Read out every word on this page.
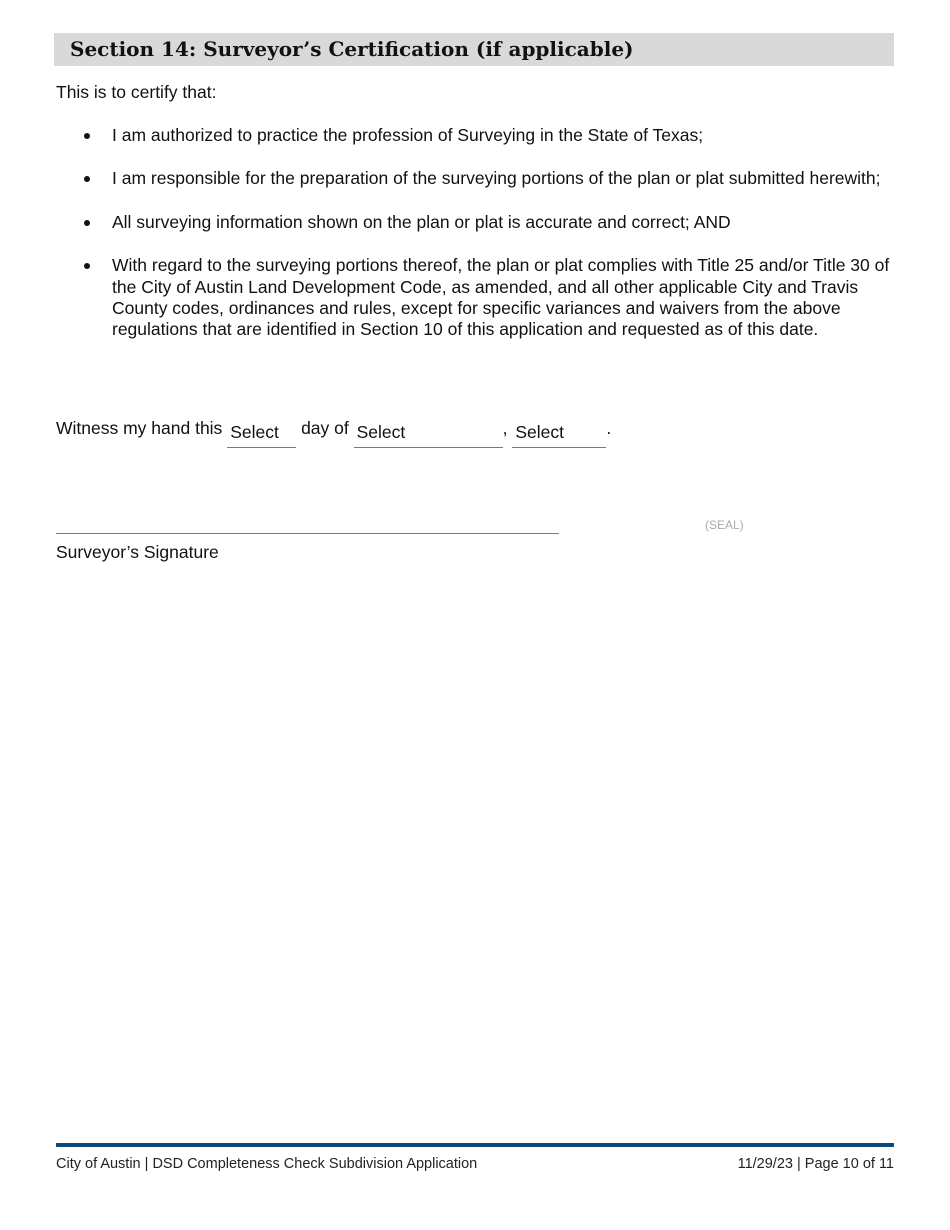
Section 14: Surveyor’s Certification (if applicable)
This is to certify that:
I am authorized to practice the profession of Surveying in the State of Texas;
I am responsible for the preparation of the surveying portions of the plan or plat submitted herewith;
All surveying information shown on the plan or plat is accurate and correct; AND
With regard to the surveying portions thereof, the plan or plat complies with Title 25 and/or Title 30 of the City of Austin Land Development Code, as amended, and all other applicable City and Travis County codes, ordinances and rules, except for specific variances and waivers from the above regulations that are identified in Section 10 of this application and requested as of this date.
Witness my hand this Select day of Select	, Select .
(SEAL)
Surveyor’s Signature
City of Austin | DSD Completeness Check Subdivision Application	11/29/23 | Page 10 of 11
